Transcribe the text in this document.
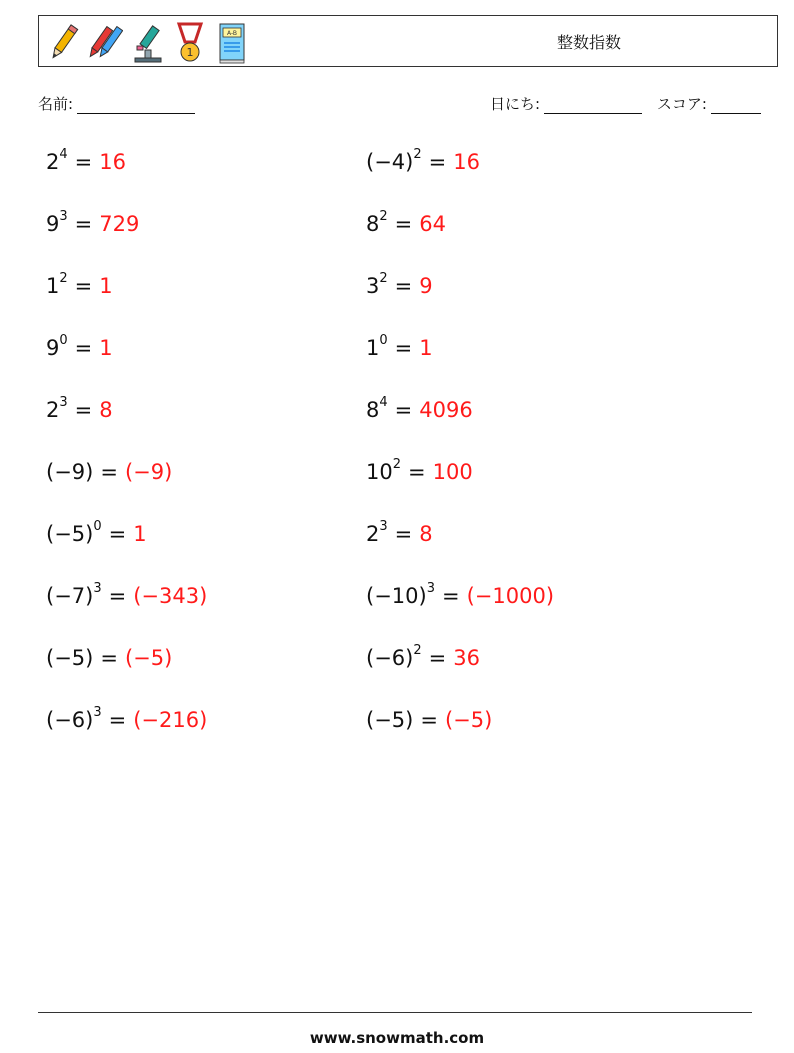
1
A-B	整数指数
名前:	日にち:	スコア:
$2^4 = 16$	$(-4)^2 = 16$
$9^3 = 729$	$8^2 = 64$
$1^2 = 1$	$3^2 = 9$
$9^0 = 1$	$1^0 = 1$
$2^3 = 8$	$8^4 = 4096$
(−9) = (−9)	$10^2 = 100$
$(-5)^0 = 1$	$2^3 = 8$
$(-7)^3 = (-343)$	$(-10)^3 = (-1000)$
(−5) = (−5)	$(-6)^2 = 36$
$(-6)^3 = (-216)$	(−5) = (−5)
www.snowmath.com
